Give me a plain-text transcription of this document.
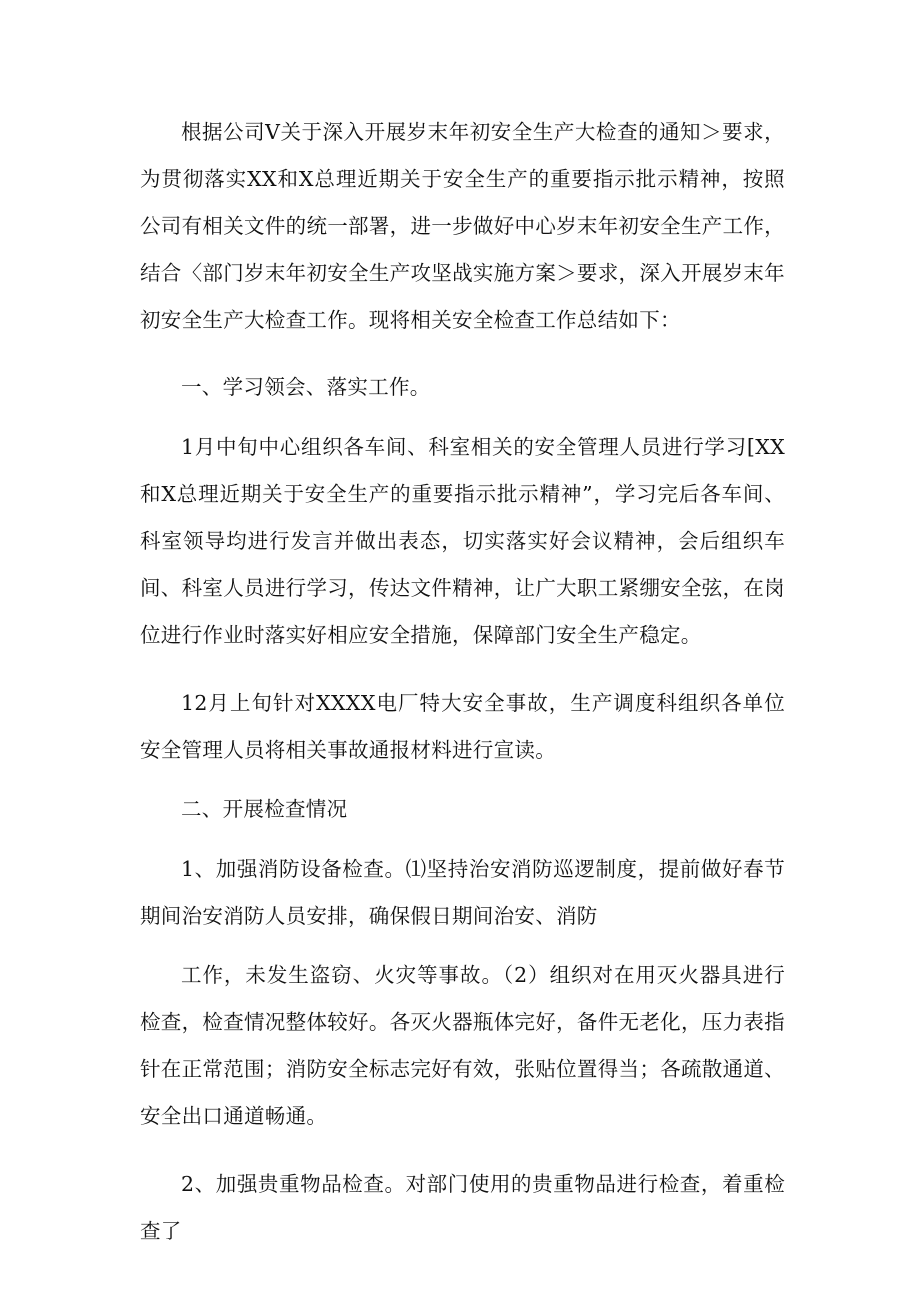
根据公司V关于深入开展岁末年初安全生产大检查的通知＞要求，为贯彻落实XX和X总理近期关于安全生产的重要指示批示精神，按照公司有相关文件的统一部署，进一步做好中心岁末年初安全生产工作，结合〈部门岁末年初安全生产攻坚战实施方案＞要求，深入开展岁末年初安全生产大检查工作。现将相关安全检查工作总结如下：

一、学习领会、落实工作。

1月中旬中心组织各车间、科室相关的安全管理人员进行学习[XX和X总理近期关于安全生产的重要指示批示精神”，学习完后各车间、科室领导均进行发言并做出表态，切实落实好会议精神，会后组织车间、科室人员进行学习，传达文件精神，让广大职工紧绷安全弦，在岗位进行作业时落实好相应安全措施，保障部门安全生产稳定。

12月上旬针对XXXX电厂特大安全事故，生产调度科组织各单位安全管理人员将相关事故通报材料进行宣读。

二、开展检查情况

1、加强消防设备检查。⑴坚持治安消防巡逻制度，提前做好春节期间治安消防人员安排，确保假日期间治安、消防

工作，未发生盗窃、火灾等事故。（2）组织对在用灭火器具进行检查，检查情况整体较好。各灭火器瓶体完好，备件无老化，压力表指针在正常范围；消防安全标志完好有效，张贴位置得当；各疏散通道、安全出口通道畅通。

2、加强贵重物品检查。对部门使用的贵重物品进行检查，着重检查了
